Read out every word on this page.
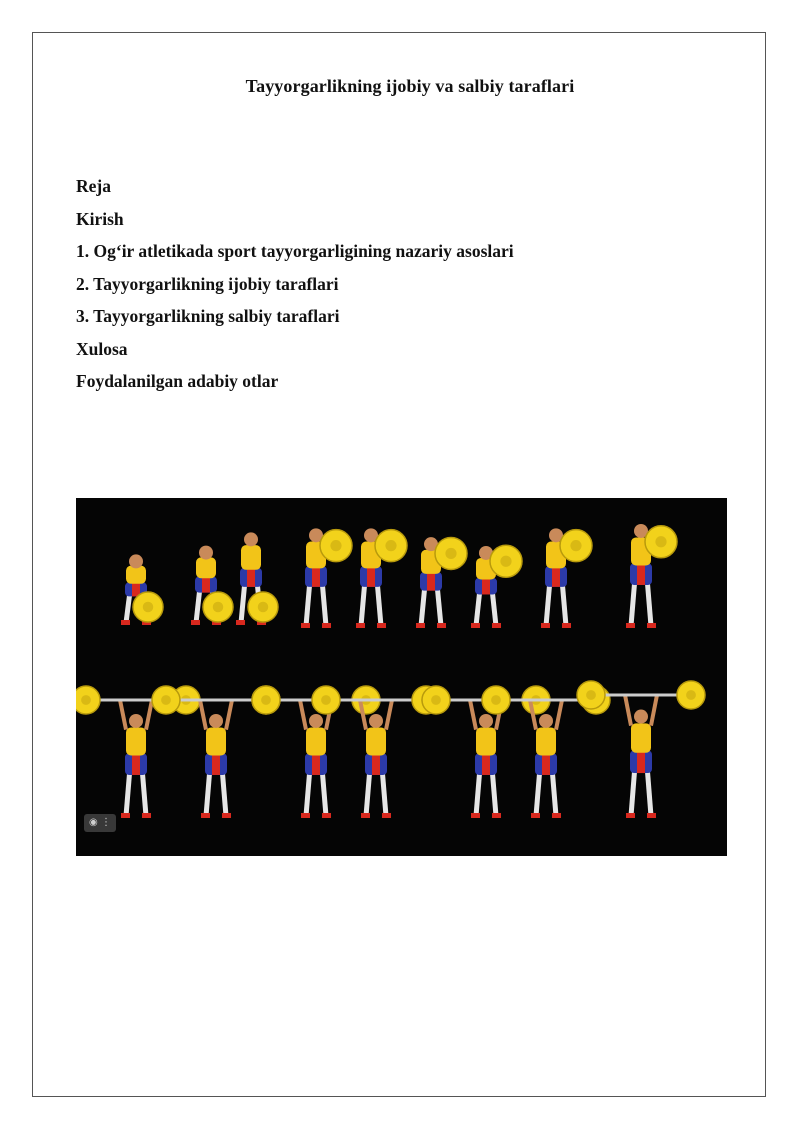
Tayyorgarlikning ijobiy va salbiy taraflari
Reja
Kirish
1. Og‘ir atletikada sport tayyorgarligining nazariy asoslari
2. Tayyorgarlikning ijobiy taraflari
3. Tayyorgarlikning salbiy taraflari
Xulosa
Foydalanilgan adabiy otlar
◉ ⋮
